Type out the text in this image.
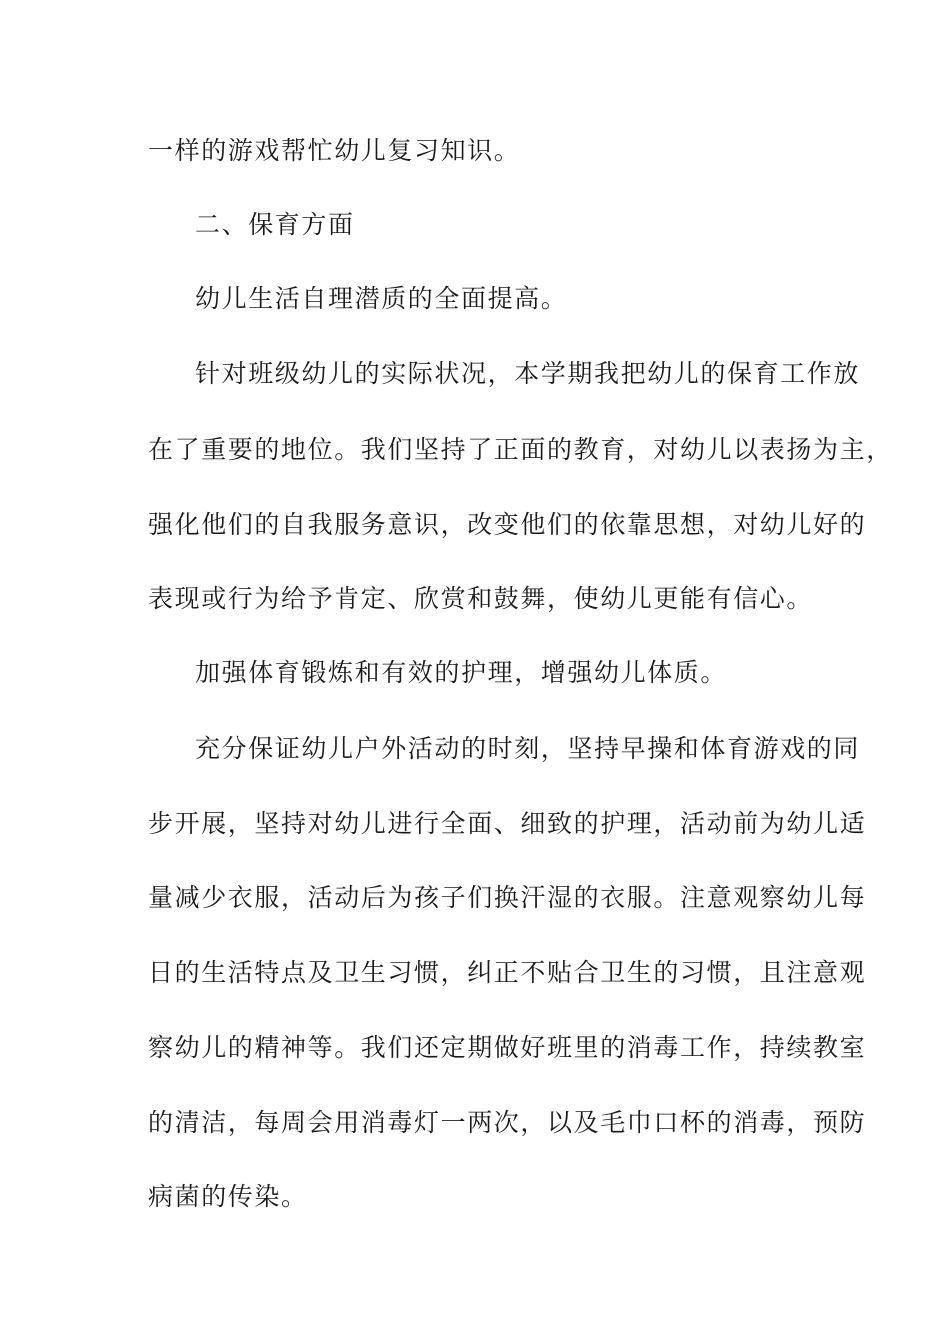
一样的游戏帮忙幼儿复习知识。
二、保育方面
幼儿生活自理潜质的全面提高。
针对班级幼儿的实际状况，本学期我把幼儿的保育工作放
在了重要的地位。我们坚持了正面的教育，对幼儿以表扬为主，
强化他们的自我服务意识，改变他们的依靠思想，对幼儿好的
表现或行为给予肯定、欣赏和鼓舞，使幼儿更能有信心。
加强体育锻炼和有效的护理，增强幼儿体质。
充分保证幼儿户外活动的时刻，坚持早操和体育游戏的同
步开展，坚持对幼儿进行全面、细致的护理，活动前为幼儿适
量减少衣服，活动后为孩子们换汗湿的衣服。注意观察幼儿每
日的生活特点及卫生习惯，纠正不贴合卫生的习惯，且注意观
察幼儿的精神等。我们还定期做好班里的消毒工作，持续教室
的清洁，每周会用消毒灯一两次，以及毛巾口杯的消毒，预防
病菌的传染。
